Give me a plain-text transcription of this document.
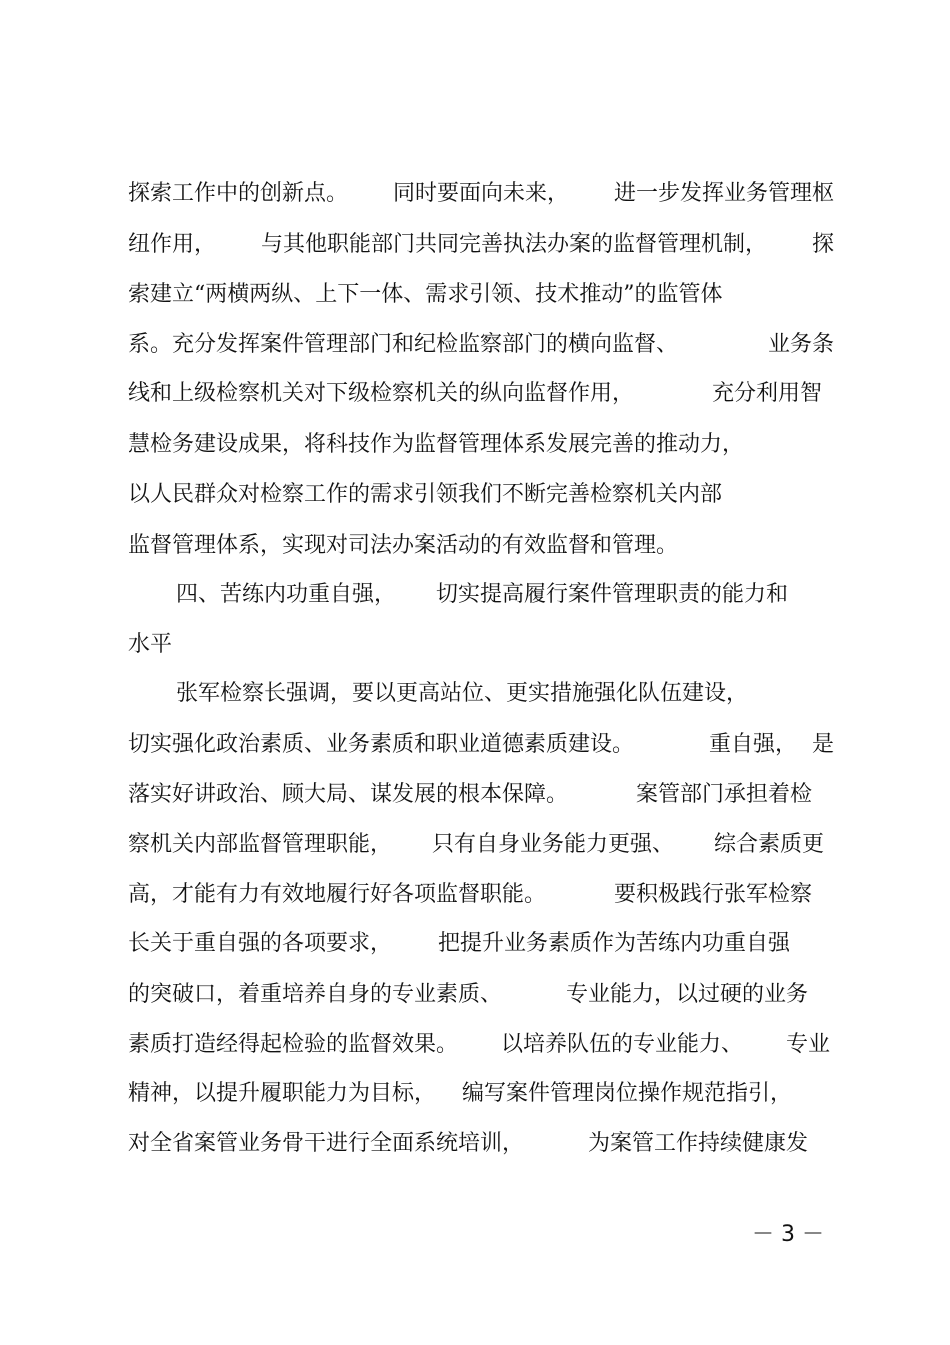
探索工作中的创新点。 同时要面向未来， 进一步发挥业务管理枢
纽作用， 与其他职能部门共同完善执法办案的监督管理机制， 探
索建立“两横两纵、上下一体、需求引领、技术推动”的监管体
系。充分发挥案件管理部门和纪检监察部门的横向监督、	业务条
线和上级检察机关对下级检察机关的纵向监督作用，	充分利用智
慧检务建设成果，将科技作为监督管理体系发展完善的推动力，
以人民群众对检察工作的需求引领我们不断完善检察机关内部
监督管理体系，实现对司法办案活动的有效监督和管理。
四、苦练内功重自强， 切实提高履行案件管理职责的能力和
水平
张军检察长强调，要以更高站位、更实措施强化队伍建设，
切实强化政治素质、业务素质和职业道德素质建设。	重自强， 是
落实好讲政治、顾大局、谋发展的根本保障。	案管部门承担着检
察机关内部监督管理职能， 只有自身业务能力更强、 综合素质更
高，才能有力有效地履行好各项监督职能。	要积极践行张军检察
长关于重自强的各项要求， 把提升业务素质作为苦练内功重自强
的突破口，着重培养自身的专业素质、	专业能力，以过硬的业务
素质打造经得起检验的监督效果。 以培养队伍的专业能力、 专业
精神，以提升履职能力为目标， 编写案件管理岗位操作规范指引，
对全省案管业务骨干进行全面系统培训，	为案管工作持续健康发
－ 3 －
